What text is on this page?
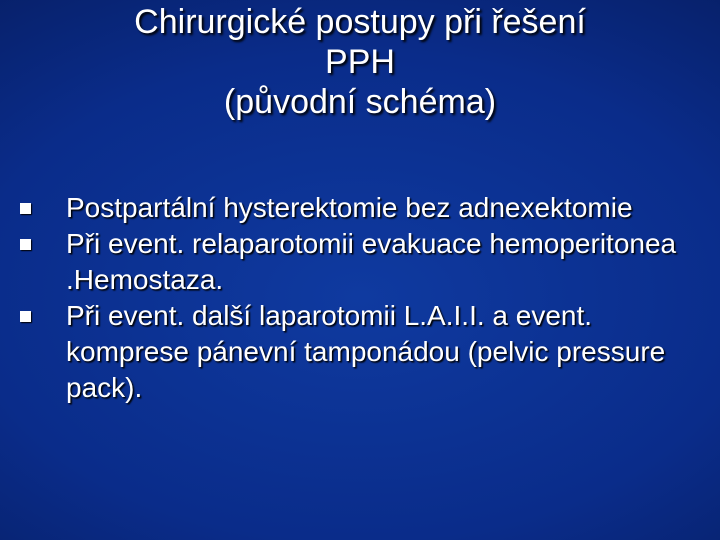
Chirurgické postupy při řešení
PPH
(původní schéma)
Postpartální hysterektomie bez adnexektomie
Při event. relaparotomii evakuace hemoperitonea .Hemostaza.
Při event. další laparotomii L.A.I.I. a event. komprese pánevní tamponádou (pelvic pressure pack).
